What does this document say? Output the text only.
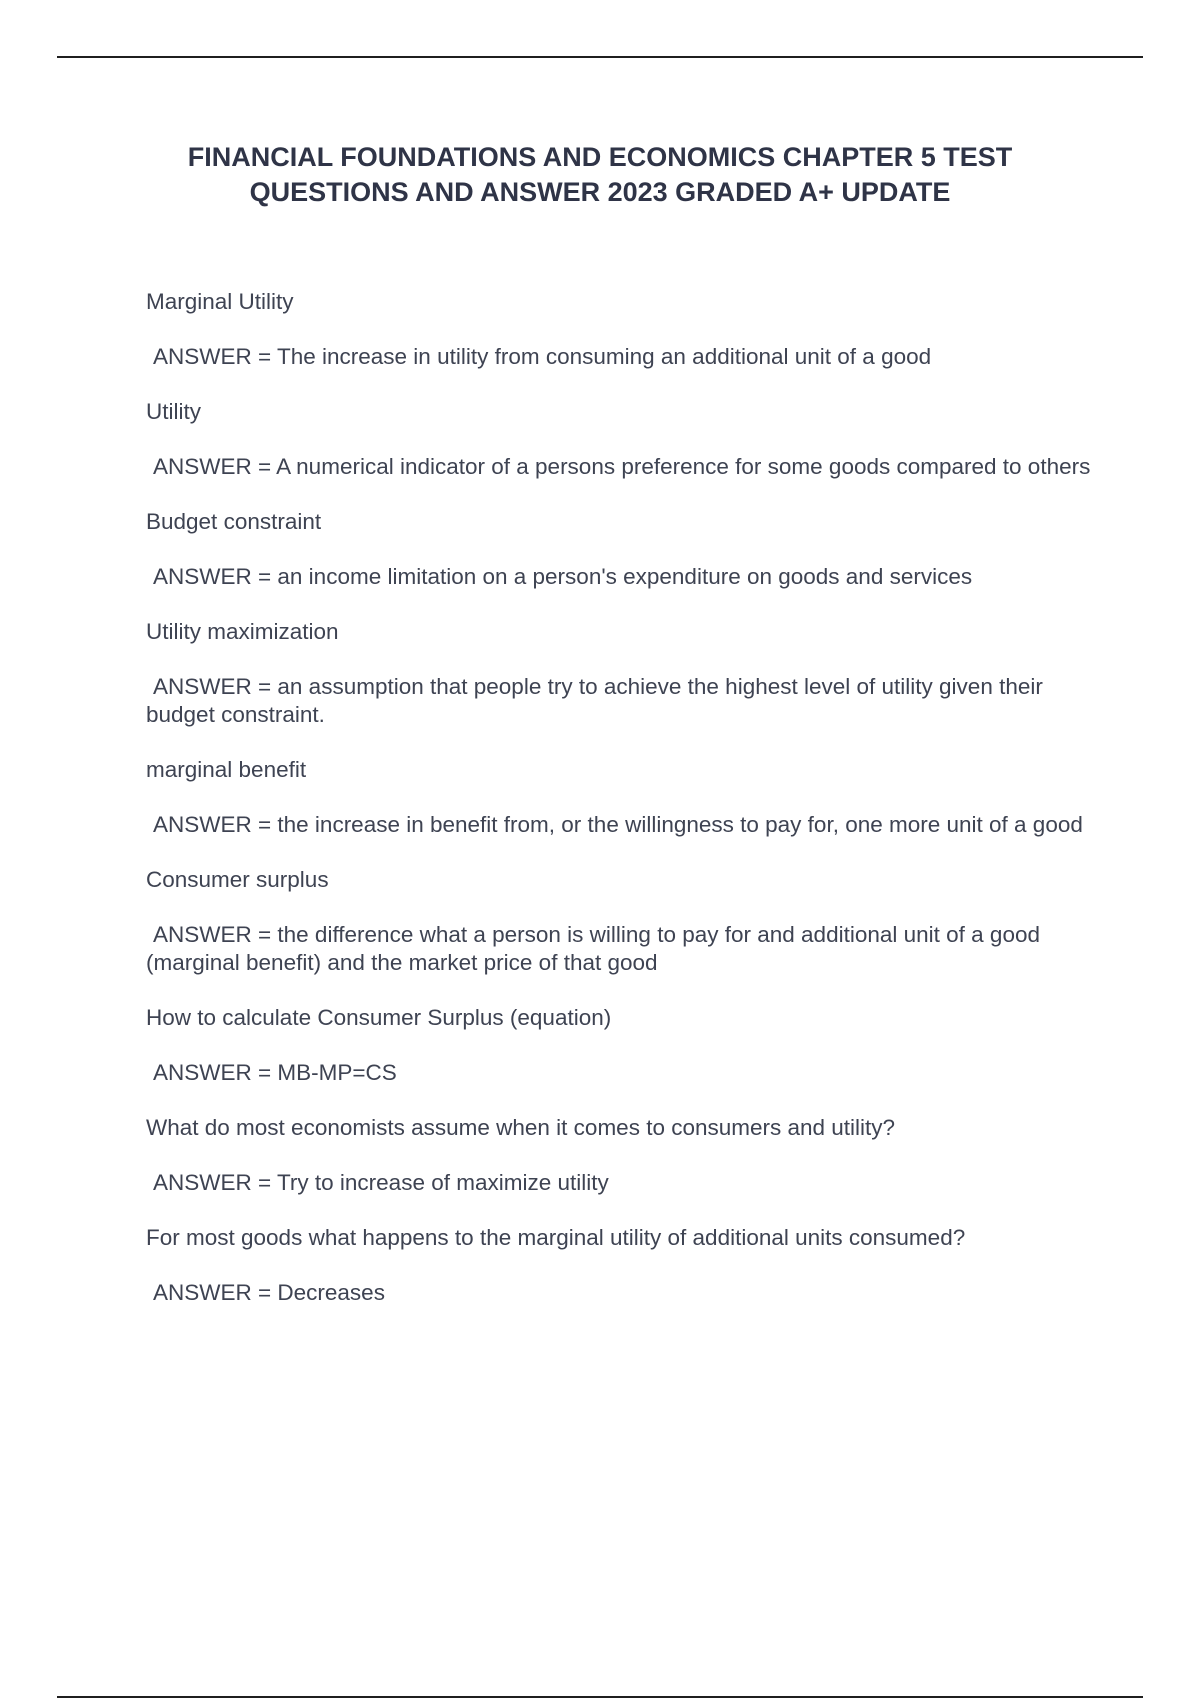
FINANCIAL FOUNDATIONS AND ECONOMICS CHAPTER 5 TEST
QUESTIONS AND ANSWER 2023 GRADED A+ UPDATE

Marginal Utility

ANSWER = The increase in utility from consuming an additional unit of a good

Utility

ANSWER = A numerical indicator of a persons preference for some goods compared to others

Budget constraint

ANSWER = an income limitation on a person's expenditure on goods and services

Utility maximization

ANSWER = an assumption that people try to achieve the highest level of utility given their budget constraint.

marginal benefit

ANSWER = the increase in benefit from, or the willingness to pay for, one more unit of a good

Consumer surplus

ANSWER = the difference what a person is willing to pay for and additional unit of a good (marginal benefit) and the market price of that good

How to calculate Consumer Surplus (equation)

ANSWER = MB-MP=CS

What do most economists assume when it comes to consumers and utility?

ANSWER = Try to increase of maximize utility

For most goods what happens to the marginal utility of additional units consumed?

ANSWER = Decreases
